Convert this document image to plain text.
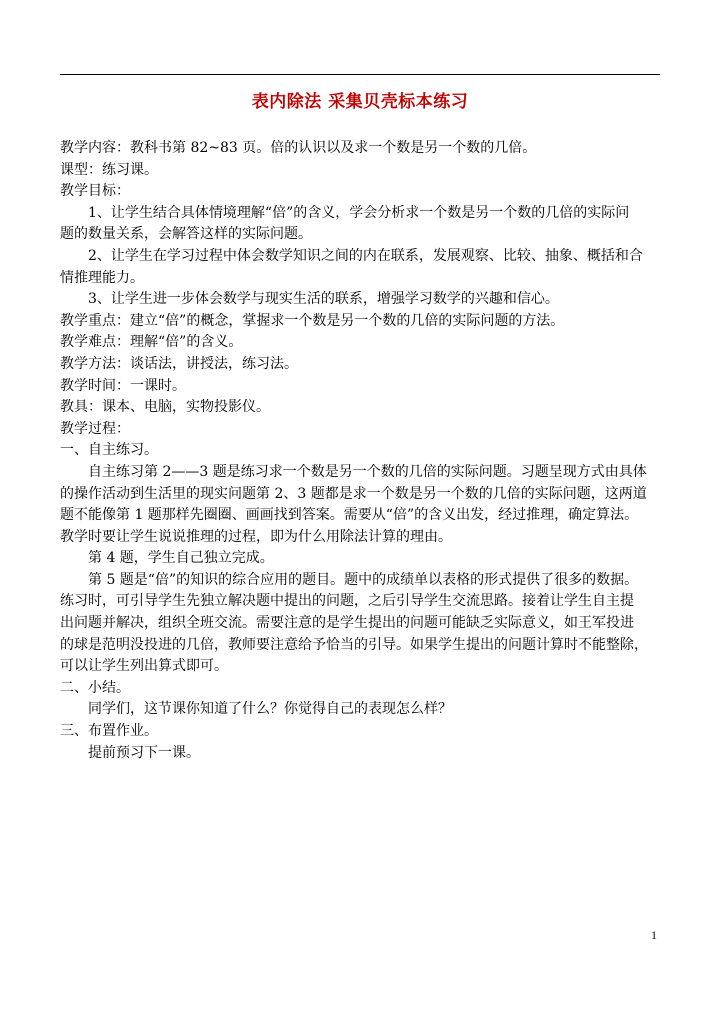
表内除法 采集贝壳标本练习
教学内容：教科书第 82~83 页。倍的认识以及求一个数是另一个数的几倍。
课型：练习课。
教学目标：
1、让学生结合具体情境理解“倍”的含义，学会分析求一个数是另一个数的几倍的实际问
题的数量关系，会解答这样的实际问题。
2、让学生在学习过程中体会数学知识之间的内在联系，发展观察、比较、抽象、概括和合
情推理能力。
3、让学生进一步体会数学与现实生活的联系，增强学习数学的兴趣和信心。
教学重点：建立“倍”的概念，掌握求一个数是另一个数的几倍的实际问题的方法。
教学难点：理解“倍”的含义。
教学方法：谈话法，讲授法，练习法。
教学时间：一课时。
教具：课本、电脑，实物投影仪。
教学过程：
一、自主练习。
自主练习第 2——3 题是练习求一个数是另一个数的几倍的实际问题。习题呈现方式由具体
的操作活动到生活里的现实问题第 2、3 题都是求一个数是另一个数的几倍的实际问题，这两道
题不能像第 1 题那样先圈圈、画画找到答案。需要从“倍”的含义出发，经过推理，确定算法。
教学时要让学生说说推理的过程，即为什么用除法计算的理由。
第 4 题，学生自己独立完成。
第 5 题是“倍”的知识的综合应用的题目。题中的成绩单以表格的形式提供了很多的数据。
练习时，可引导学生先独立解决题中提出的问题，之后引导学生交流思路。接着让学生自主提
出问题并解决，组织全班交流。需要注意的是学生提出的问题可能缺乏实际意义，如王军投进
的球是范明没投进的几倍，教师要注意给予恰当的引导。如果学生提出的问题计算时不能整除，
可以让学生列出算式即可。
二、小结。
同学们，这节课你知道了什么？你觉得自己的表现怎么样？
三、布置作业。
提前预习下一课。
1
